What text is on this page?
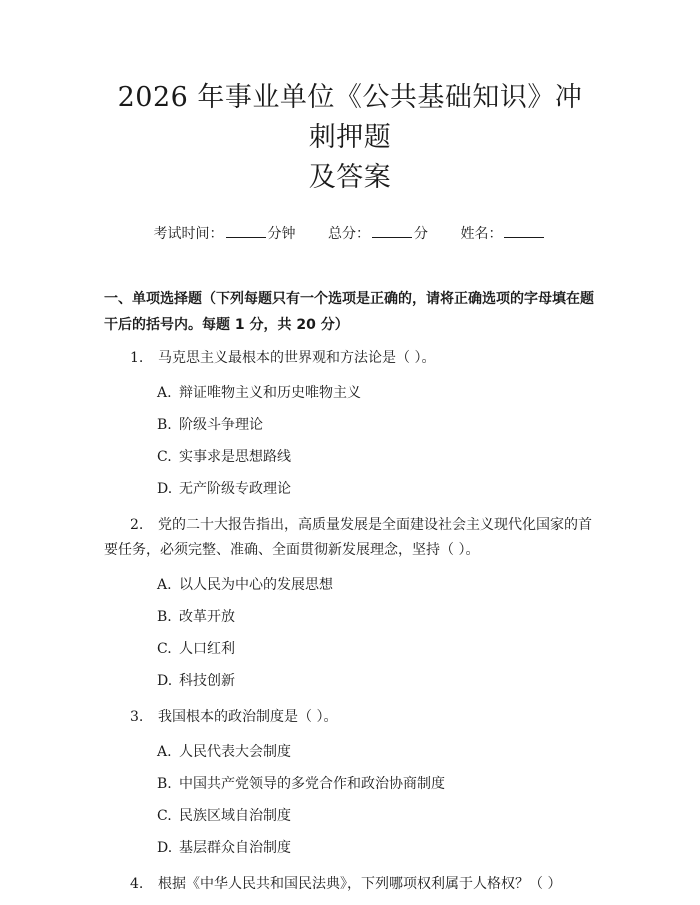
2026 年事业单位《公共基础知识》冲刺押题
及答案
考试时间：	分钟 总分：	分 姓名：
一、单项选择题（下列每题只有一个选项是正确的，请将正确选项的字母填在题干后的括号内。每题 1 分，共 20 分）

1. 马克思主义最根本的世界观和方法论是（ ）。

A. 辩证唯物主义和历史唯物主义
B. 阶级斗争理论
C. 实事求是思想路线
D. 无产阶级专政理论

2. 党的二十大报告指出，高质量发展是全面建设社会主义现代化国家的首要任务，必须完整、准确、全面贯彻新发展理念，坚持（ ）。

A. 以人民为中心的发展思想
B. 改革开放
C. 人口红利
D. 科技创新

3. 我国根本的政治制度是（ ）。

A. 人民代表大会制度
B. 中国共产党领导的多党合作和政治协商制度
C. 民族区域自治制度
D. 基层群众自治制度

4. 根据《中华人民共和国民法典》，下列哪项权利属于人格权？（ ）
